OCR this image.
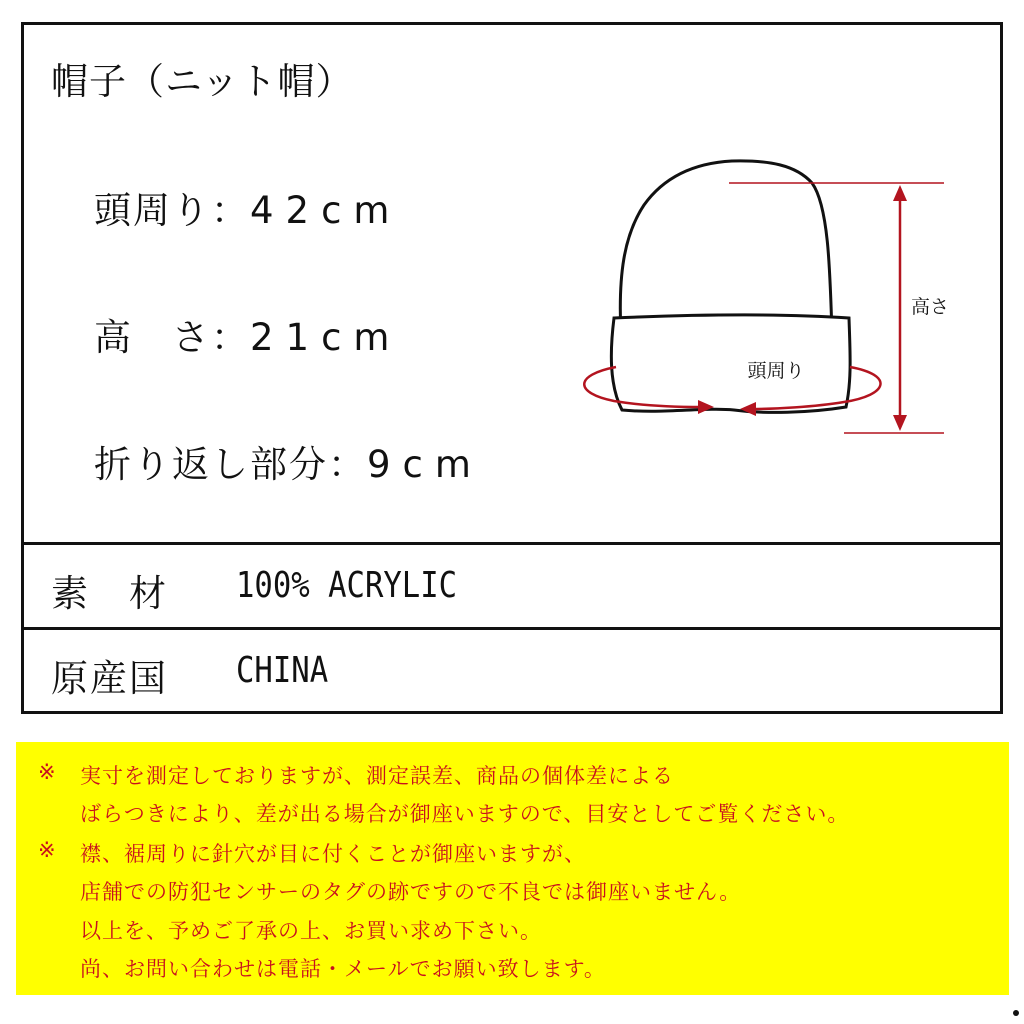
帽子（ニット帽）
頭周り：42cm
高　さ：21cm
折り返し部分：9cm
高さ
頭周り
素　材 100% ACRYLIC
原産国 CHINA
※ 実寸を測定しておりますが、測定誤差、商品の個体差による
ばらつきにより、差が出る場合が御座いますので、目安としてご覧ください。
※ 襟、裾周りに針穴が目に付くことが御座いますが、
店舗での防犯センサーのタグの跡ですので不良では御座いません。
以上を、予めご了承の上、お買い求め下さい。
尚、お問い合わせは電話・メールでお願い致します。
